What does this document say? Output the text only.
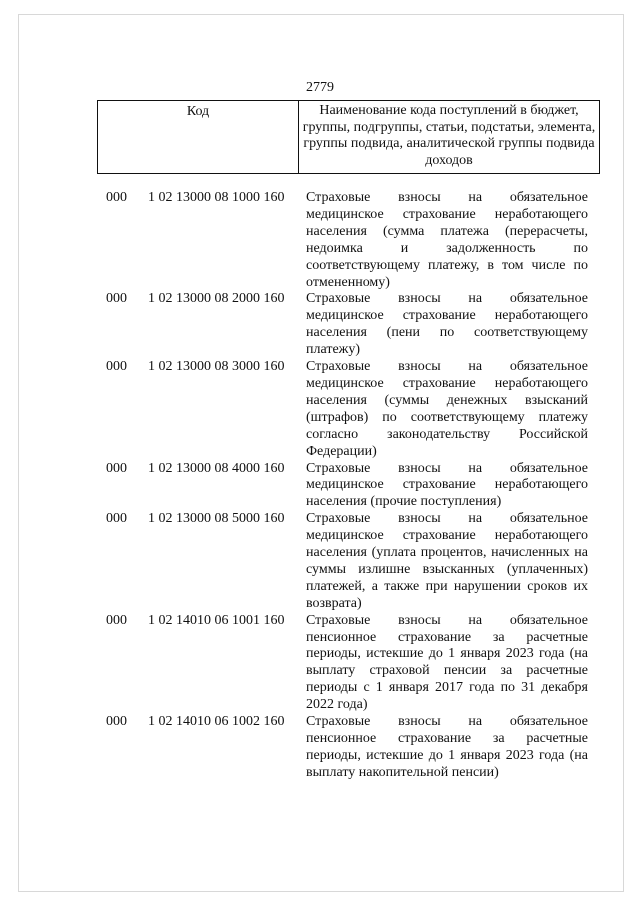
2779
Код	Наименование кода поступлений в бюджет, группы, подгруппы, статьи, подстатьи, элемента, группы подвида, аналитической группы подвида доходов
000 1 02 13000 08 1000 160 Страховые взносы на обязательное медицинское страхование неработающего населения (сумма платежа (перерасчеты, недоимка и задолженность по соответствующему платежу, в том числе по отмененному)
000 1 02 13000 08 2000 160 Страховые взносы на обязательное медицинское страхование неработающего населения (пени по соответствующему платежу)
000 1 02 13000 08 3000 160 Страховые взносы на обязательное медицинское страхование неработающего населения (суммы денежных взысканий (штрафов) по соответствующему платежу согласно законодательству Российской Федерации)
000 1 02 13000 08 4000 160 Страховые взносы на обязательное медицинское страхование неработающего населения (прочие поступления)
000 1 02 13000 08 5000 160 Страховые взносы на обязательное медицинское страхование неработающего населения (уплата процентов, начисленных на суммы излишне взысканных (уплаченных) платежей, а также при нарушении сроков их возврата)
000 1 02 14010 06 1001 160 Страховые взносы на обязательное пенсионное страхование за расчетные периоды, истекшие до 1 января 2023 года (на выплату страховой пенсии за расчетные периоды с 1 января 2017 года по 31 декабря 2022 года)
000 1 02 14010 06 1002 160 Страховые взносы на обязательное пенсионное страхование за расчетные периоды, истекшие до 1 января 2023 года (на выплату накопительной пенсии)
